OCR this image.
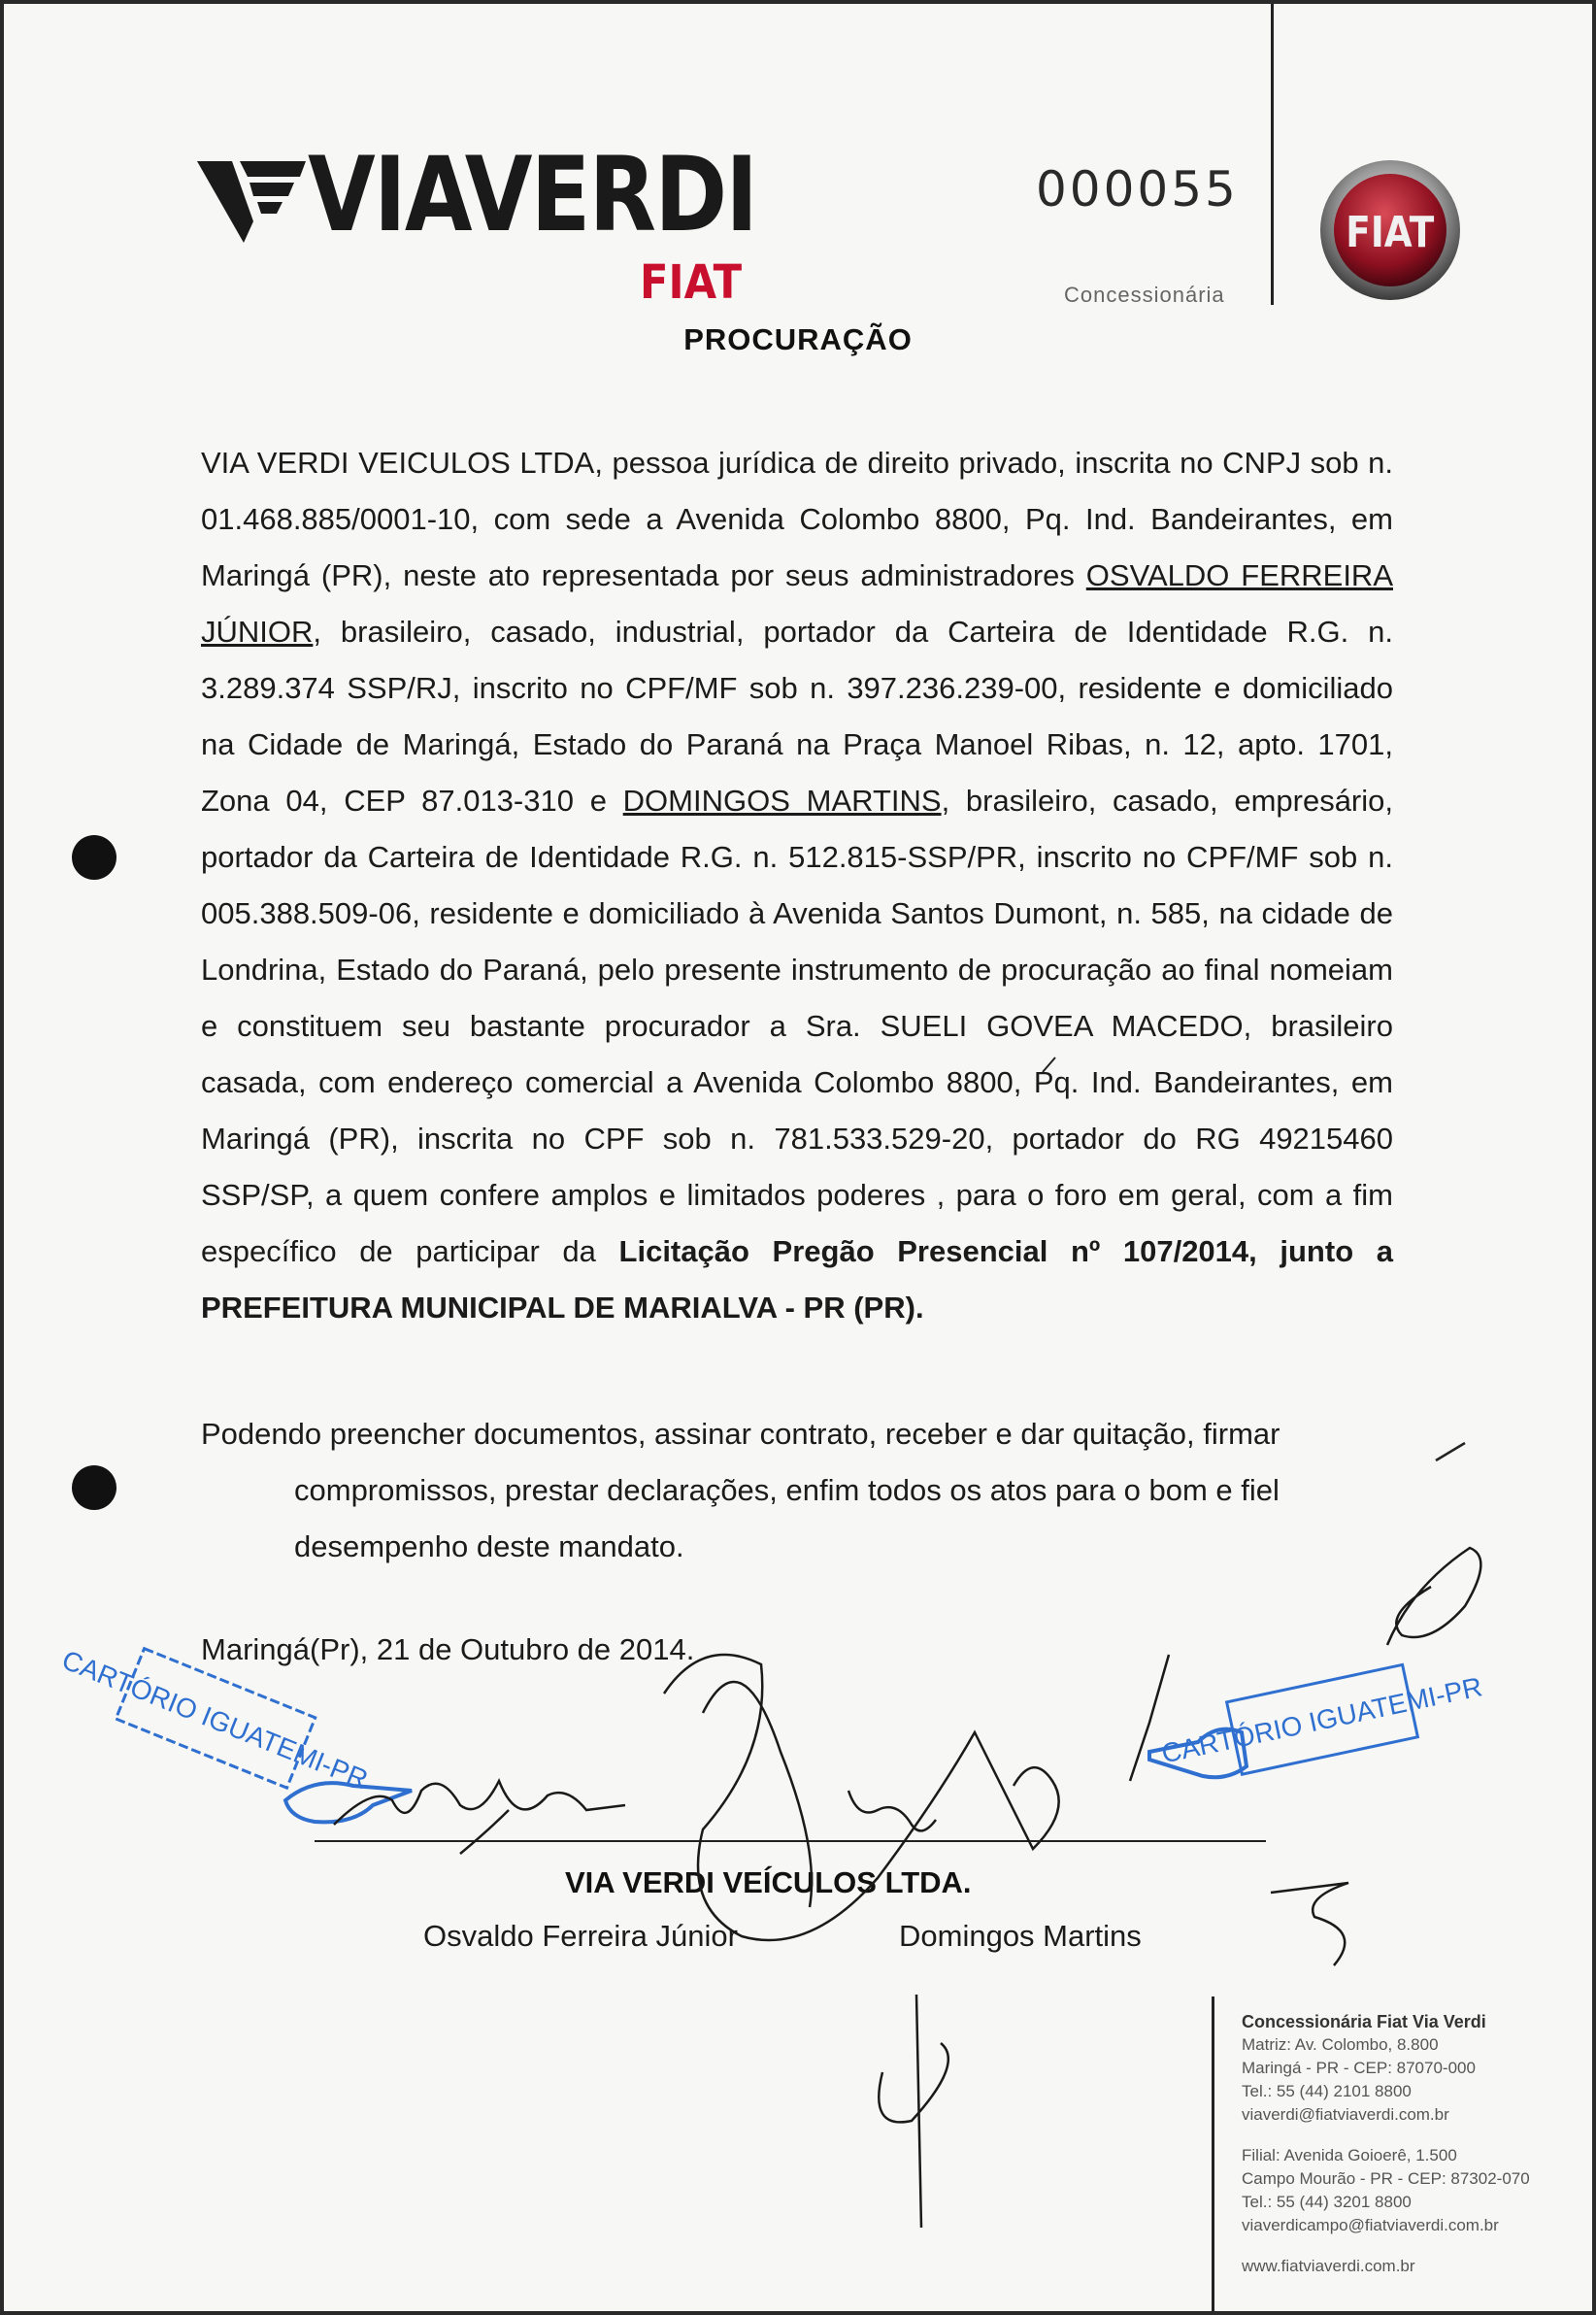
VIAVERDI
FIAT
000055
Concessionária
FIAT
PROCURAÇÃO

VIA VERDI VEICULOS LTDA, pessoa jurídica de direito privado, inscrita no CNPJ sob n. 01.468.885/0001-10, com sede a Avenida Colombo 8800, Pq. Ind. Bandeirantes, em Maringá (PR), neste ato representada por seus administradores OSVALDO FERREIRA JÚNIOR, brasileiro, casado, industrial, portador da Carteira de Identidade R.G. n. 3.289.374 SSP/RJ, inscrito no CPF/MF sob n. 397.236.239-00, residente e domiciliado na Cidade de Maringá, Estado do Paraná na Praça Manoel Ribas, n. 12, apto. 1701, Zona 04, CEP 87.013-310 e DOMINGOS MARTINS, brasileiro, casado, empresário, portador da Carteira de Identidade R.G. n. 512.815-SSP/PR, inscrito no CPF/MF sob n. 005.388.509-06, residente e domiciliado à Avenida Santos Dumont, n. 585, na cidade de Londrina, Estado do Paraná, pelo presente instrumento de procuração ao final nomeiam e constituem seu bastante procurador a Sra. SUELI GOVEA MACEDO, brasileiro casada, com endereço comercial a Avenida Colombo 8800, Pq. Ind. Bandeirantes, em Maringá (PR), inscrita no CPF sob n. 781.533.529-20, portador do RG 49215460 SSP/SP, a quem confere amplos e limitados poderes , para o foro em geral, com a fim específico de participar da Licitação Pregão Presencial nº 107/2014, junto a PREFEITURA MUNICIPAL DE MARIALVA - PR (PR).

Podendo preencher documentos, assinar contrato, receber e dar quitação, firmar
compromissos, prestar declarações, enfim todos os atos para o bom e fiel desempenho deste mandato.
Maringá(Pr), 21 de Outubro de 2014.
VIA VERDI VEÍCULOS LTDA.
Osvaldo Ferreira Júnior	Domingos Martins

Concessionária Fiat Via Verdi

Matriz: Av. Colombo, 8.800

Maringá - PR - CEP: 87070-000

Tel.: 55 (44) 2101 8800

viaverdi@fiatviaverdi.com.br

Filial: Avenida Goioerê, 1.500

Campo Mourão - PR - CEP: 87302-070

Tel.: 55 (44) 3201 8800

viaverdicampo@fiatviaverdi.com.br

www.fiatviaverdi.com.br

CARTÓRIO IGUATEMI-PR	CARTÓRIO IGUATEMI-PR
